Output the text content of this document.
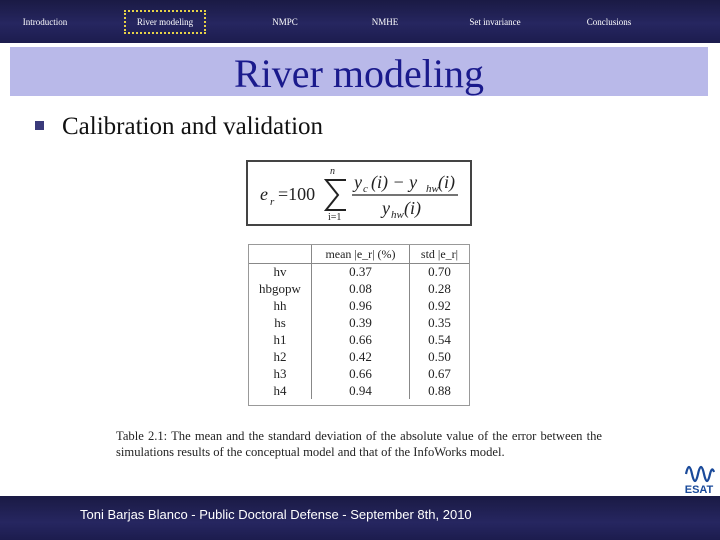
Introduction	River modeling	NMPC	NMHE	Set invariance	Conclusions
River modeling
Calibration and validation
e r =100
n
i=1
y c (i) − y hw (i)
y hw (i)
	mean |e_r| (%)	std |e_r|
hv	0.37	0.70
hbgopw	0.08	0.28
hh	0.96	0.92
hs	0.39	0.35
h1	0.66	0.54
h2	0.42	0.50
h3	0.66	0.67
h4	0.94	0.88
Table 2.1: The mean and the standard deviation of the absolute value of the error between the simulations results of the conceptual model and that of the InfoWorks model.
ESAT
Toni Barjas Blanco - Public Doctoral Defense - September 8th, 2010
